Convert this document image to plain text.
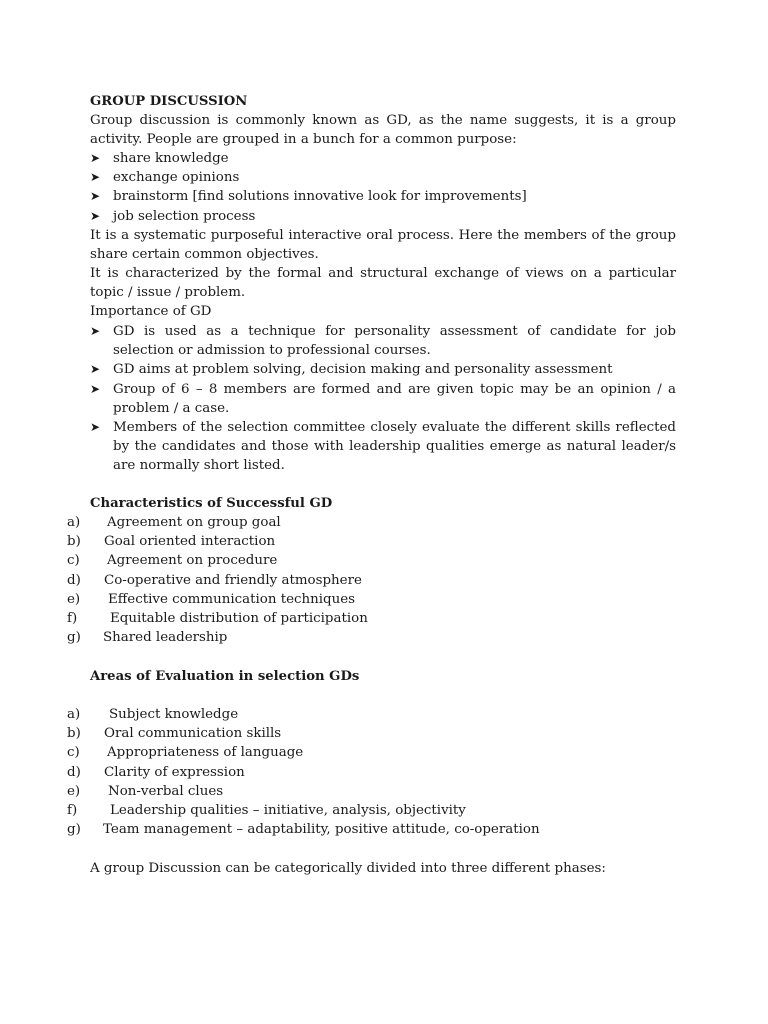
GROUP DISCUSSION
Group discussion is commonly known as GD, as the name suggests, it is a group activity. People are grouped in a bunch for a common purpose:
➤ share knowledge
➤ exchange opinions
➤ brainstorm [find solutions innovative look for improvements]
➤ job selection process
It is a systematic purposeful interactive oral process. Here the members of the group share certain common objectives.
It is characterized by the formal and structural exchange of views on a particular topic / issue / problem.
Importance of GD
➤ GD is used as a technique for personality assessment of candidate for job selection or admission to professional courses.
➤ GD aims at problem solving, decision making and personality assessment
➤ Group of 6 – 8 members are formed and are given topic may be an opinion / a problem / a case.
➤ Members of the selection committee closely evaluate the different skills reflected by the candidates and those with leadership qualities emerge as natural leader/s are normally short listed.
Characteristics of Successful GD
a) Agreement on group goal
b) Goal oriented interaction
c) Agreement on procedure
d) Co-operative and friendly atmosphere
e) Effective communication techniques
f) Equitable distribution of participation
g) Shared leadership
Areas of Evaluation in selection GDs
a) Subject knowledge
b) Oral communication skills
c) Appropriateness of language
d) Clarity of expression
e) Non-verbal clues
f) Leadership qualities – initiative, analysis, objectivity
g) Team management – adaptability, positive attitude, co-operation
A group Discussion can be categorically divided into three different phases:
